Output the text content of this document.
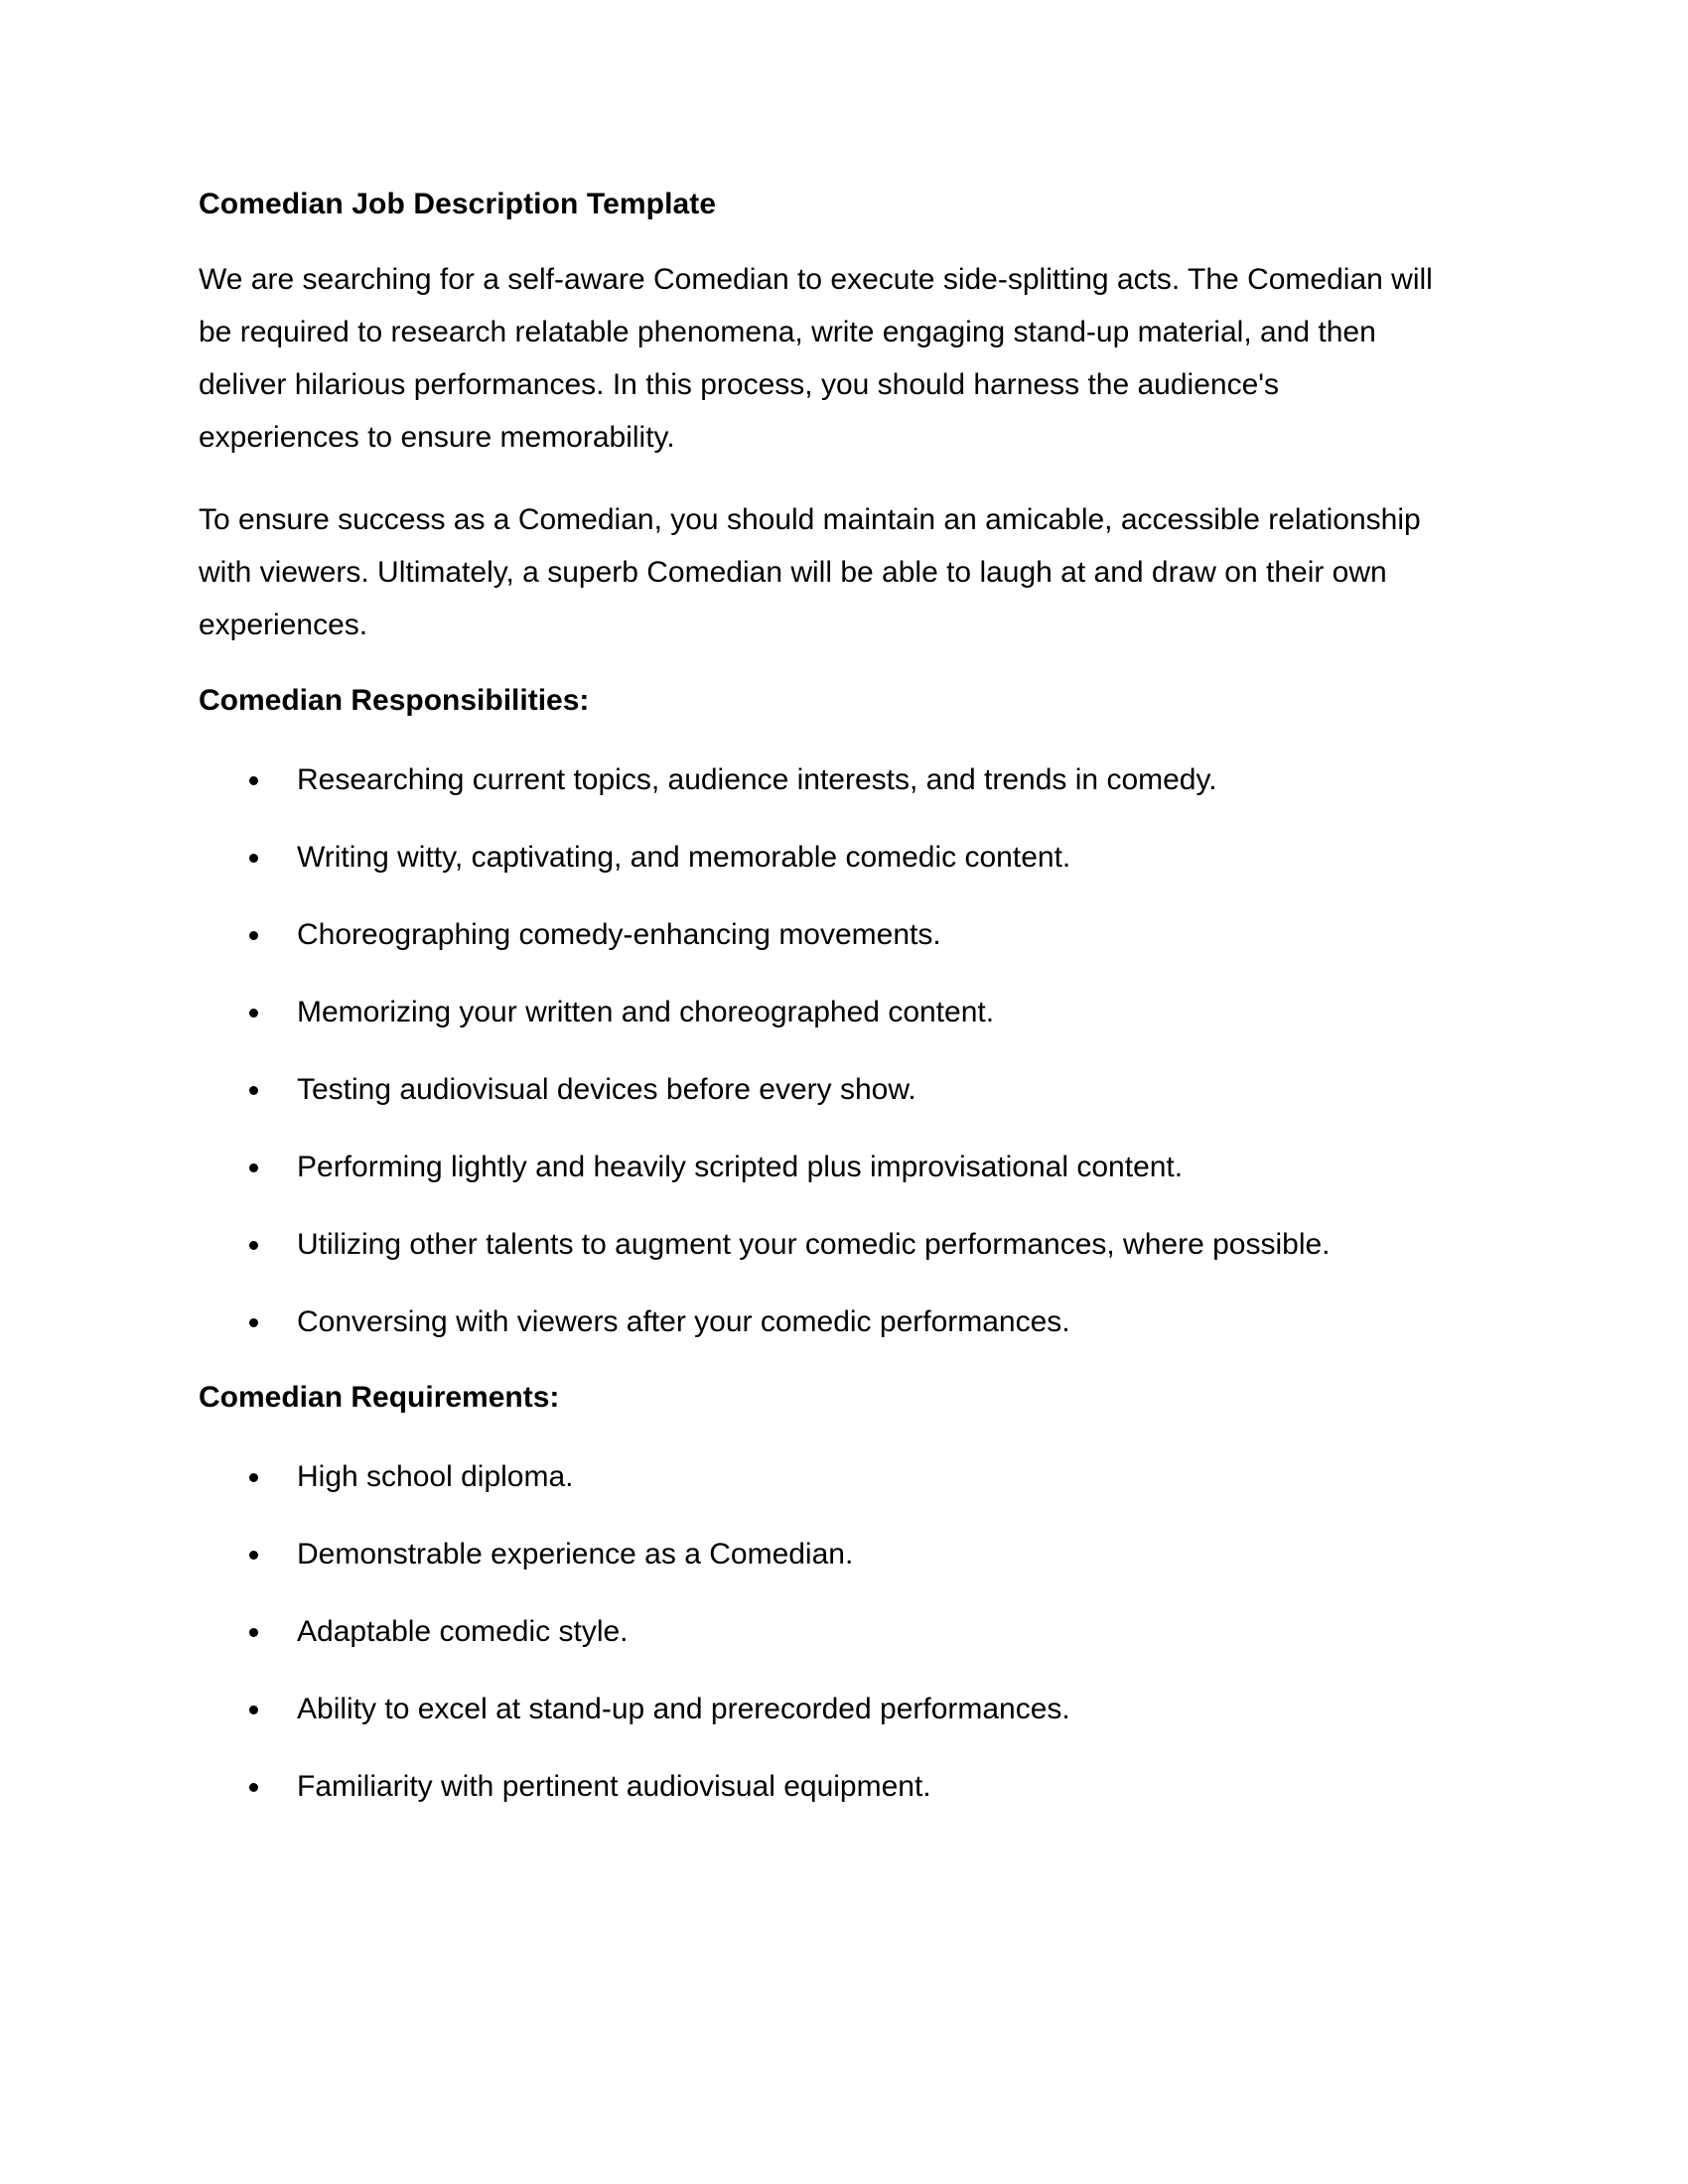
Comedian Job Description Template

We are searching for a self-aware Comedian to execute side-splitting acts. The Comedian will be required to research relatable phenomena, write engaging stand-up material, and then deliver hilarious performances. In this process, you should harness the audience's experiences to ensure memorability.

To ensure success as a Comedian, you should maintain an amicable, accessible relationship with viewers. Ultimately, a superb Comedian will be able to laugh at and draw on their own experiences.

Comedian Responsibilities:
Researching current topics, audience interests, and trends in comedy.
Writing witty, captivating, and memorable comedic content.
Choreographing comedy-enhancing movements.
Memorizing your written and choreographed content.
Testing audiovisual devices before every show.
Performing lightly and heavily scripted plus improvisational content.
Utilizing other talents to augment your comedic performances, where possible.
Conversing with viewers after your comedic performances.
Comedian Requirements:
High school diploma.
Demonstrable experience as a Comedian.
Adaptable comedic style.
Ability to excel at stand-up and prerecorded performances.
Familiarity with pertinent audiovisual equipment.
